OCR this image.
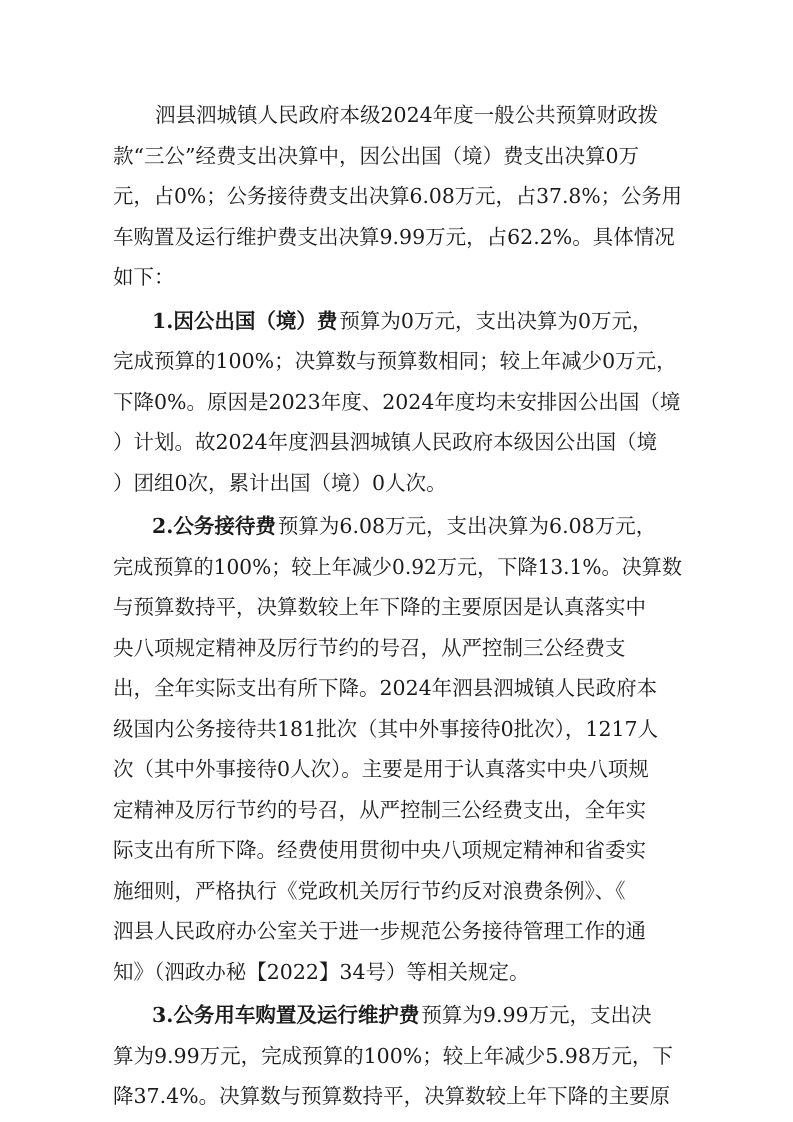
泗县泗城镇人民政府本级2024年度一般公共预算财政拨
款“三公”经费支出决算中，因公出国（境）费支出决算0万
元，占0%；公务接待费支出决算6.08万元，占37.8%；公务用
车购置及运行维护费支出决算9.99万元，占62.2%。具体情况
如下：
1.因公出国（境）费 预算为0万元，支出决算为0万元，
完成预算的100%；决算数与预算数相同；较上年减少0万元，
下降0%。原因是2023年度、2024年度均未安排因公出国（境
）计划。故2024年度泗县泗城镇人民政府本级因公出国（境
）团组0次，累计出国（境）0人次。
2.公务接待费 预算为6.08万元，支出决算为6.08万元，
完成预算的100%；较上年减少0.92万元，下降13.1%。决算数
与预算数持平，决算数较上年下降的主要原因是认真落实中
央八项规定精神及厉行节约的号召，从严控制三公经费支
出，全年实际支出有所下降。2024年泗县泗城镇人民政府本
级国内公务接待共181批次（其中外事接待0批次），1217人
次（其中外事接待0人次）。主要是用于认真落实中央八项规
定精神及厉行节约的号召，从严控制三公经费支出，全年实
际支出有所下降。经费使用贯彻中央八项规定精神和省委实
施细则，严格执行《党政机关厉行节约反对浪费条例》、《
泗县人民政府办公室关于进一步规范公务接待管理工作的通
知》（泗政办秘【2022】34号）等相关规定。
3.公务用车购置及运行维护费 预算为9.99万元，支出决
算为9.99万元，完成预算的100%；较上年减少5.98万元，下
降37.4%。决算数与预算数持平，决算数较上年下降的主要原
